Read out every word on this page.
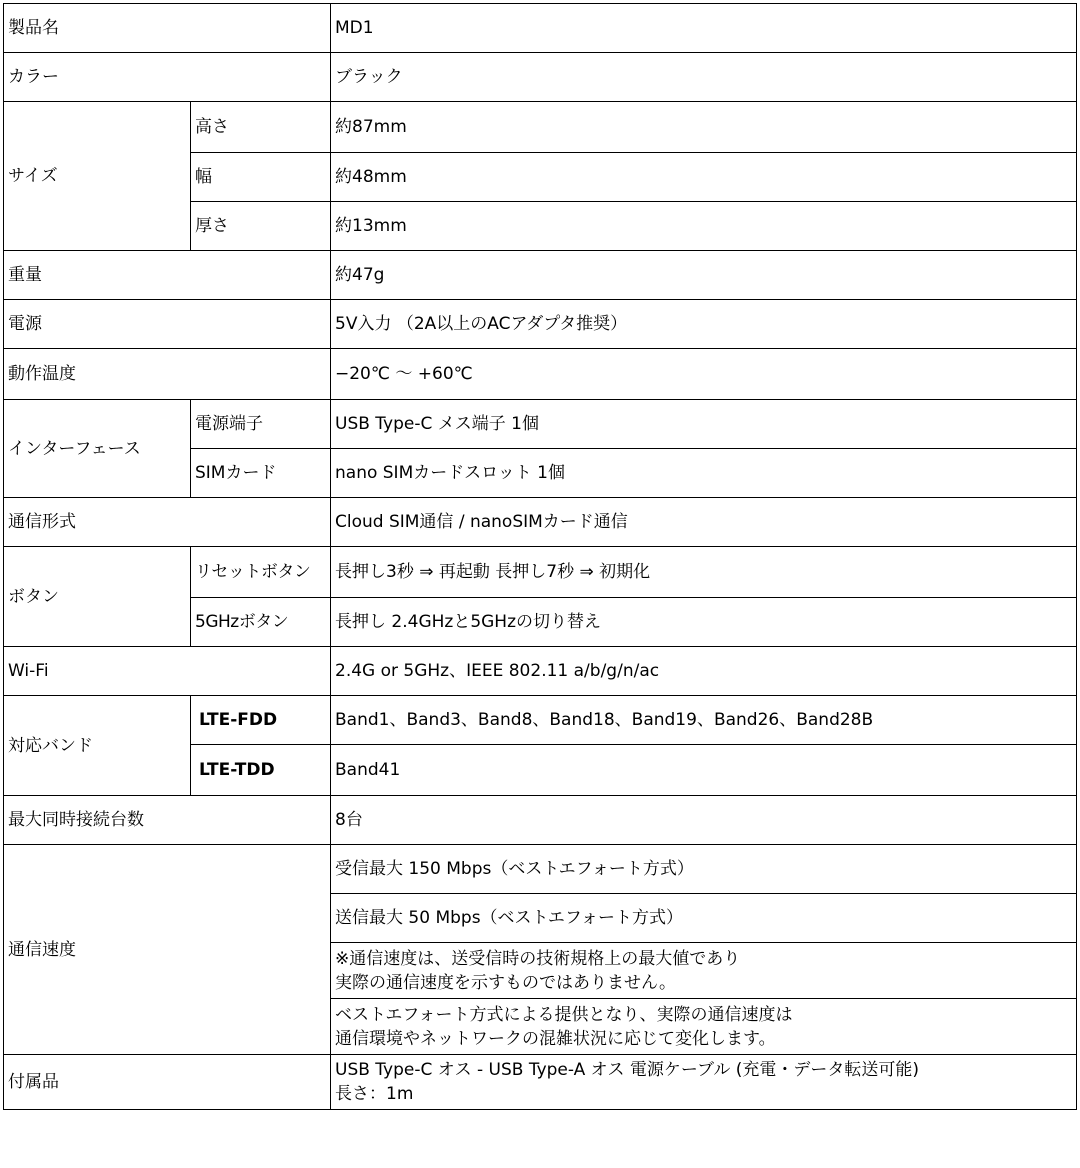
製品名		MD1
カラー		ブラック
サイズ	高さ	約87mm
	幅	約48mm
	厚さ	約13mm
重量		約47g
電源		5V入力 （2A以上のACアダプタ推奨）
動作温度		−20℃ ～ +60℃
インターフェース	電源端子	USB Type-C メス端子 1個
	SIMカード	nano SIMカードスロット 1個
通信形式		Cloud SIM通信 / nanoSIMカード通信
ボタン	リセットボタン	長押し3秒 ⇒ 再起動 長押し7秒 ⇒ 初期化
	5GHzボタン	長押し 2.4GHzと5GHzの切り替え
Wi-Fi		2.4G or 5GHz、IEEE 802.11 a/b/g/n/ac
対応バンド	LTE-FDD	Band1、Band3、Band8、Band18、Band19、Band26、Band28B
	LTE-TDD	Band41
最大同時接続台数		8台
通信速度		受信最大 150 Mbps（ベストエフォート方式）
		送信最大 50 Mbps（ベストエフォート方式）

		※通信速度は、送受信時の技術規格上の最大値であり
実際の通信速度を示すものではありません。

		ベストエフォート方式による提供となり、実際の通信速度は
通信環境やネットワークの混雑状況に応じて変化します。

付属品		USB Type-C オス - USB Type-A オス 電源ケーブル (充電・データ転送可能)
長さ：1m
